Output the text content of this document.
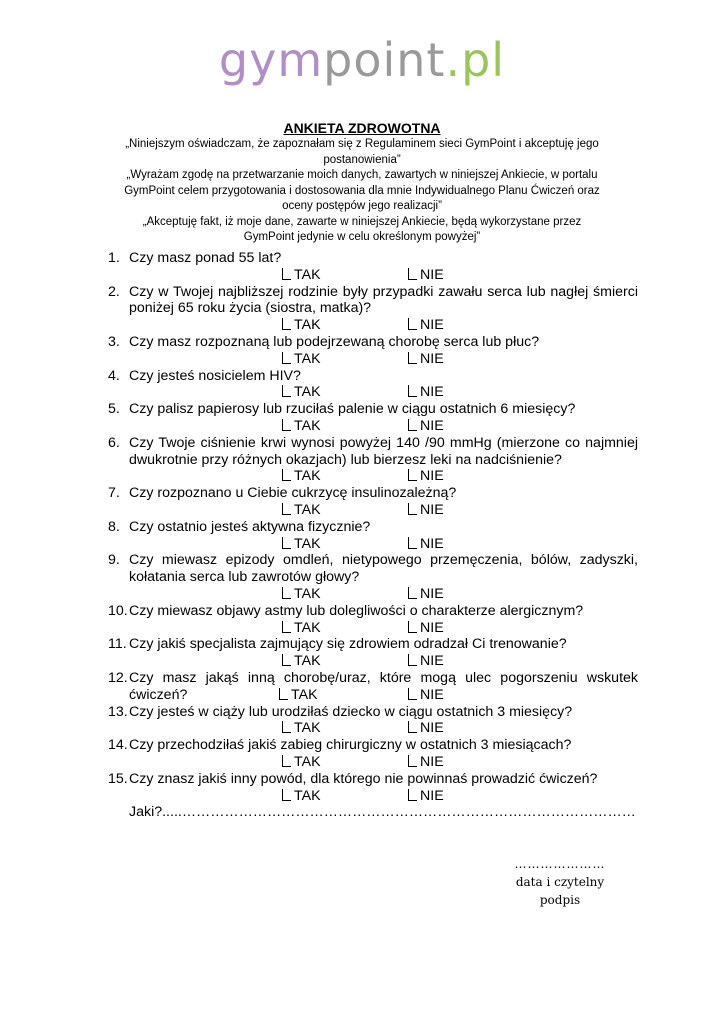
gympoint.pl
ANKIETA ZDROWOTNA

„Niniejszym oświadczam, że zapoznałam się z Regulaminem sieci GymPoint i akceptuję jego postanowienia”

„Wyrażam zgodę na przetwarzanie moich danych, zawartych w niniejszej Ankiecie, w portalu GymPoint celem przygotowania i dostosowania dla mnie Indywidualnego Planu Ćwiczeń oraz oceny postępów jego realizacji”

„Akceptuję fakt, iż moje dane, zawarte w niniejszej Ankiecie, będą wykorzystane przez GymPoint jedynie w celu określonym powyżej”

1. Czy masz ponad 55 lat?
TAK	NIE
2. Czy w Twojej najbliższej rodzinie były przypadki zawału serca lub nagłej śmierci poniżej 65 roku życia (siostra, matka)?
TAK	NIE
3. Czy masz rozpoznaną lub podejrzewaną chorobę serca lub płuc?
TAK	NIE
4. Czy jesteś nosicielem HIV?
TAK	NIE
5. Czy palisz papierosy lub rzuciłaś palenie w ciągu ostatnich 6 miesięcy?
TAK	NIE
6. Czy Twoje ciśnienie krwi wynosi powyżej 140 /90 mmHg (mierzone co najmniej dwukrotnie przy różnych okazjach) lub bierzesz leki na nadciśnienie?
TAK	NIE
7. Czy rozpoznano u Ciebie cukrzycę insulinozależną?
TAK	NIE
8. Czy ostatnio jesteś aktywna fizycznie?
TAK	NIE
9. Czy miewasz epizody omdleń, nietypowego przemęczenia, bólów, zadyszki, kołatania serca lub zawrotów głowy?
TAK	NIE
10. Czy miewasz objawy astmy lub dolegliwości o charakterze alergicznym?
TAK	NIE
11. Czy jakiś specjalista zajmujący się zdrowiem odradzał Ci trenowanie?
TAK	NIE
12. Czy masz jakąś inną chorobę/uraz, które mogą ulec pogorszeniu wskutek ćwiczeń?	TAK	NIE
13. Czy jesteś w ciąży lub urodziłaś dziecko w ciągu ostatnich 3 miesięcy?
TAK	NIE
14. Czy przechodziłaś jakiś zabieg chirurgiczny w ostatnich 3 miesiącach?
TAK	NIE
15. Czy znasz jakiś inny powód, dla którego nie powinnaś prowadzić ćwiczeń?
TAK	NIE
Jaki?.....……………………………………………………………………………………
…………………
data i czytelny podpis
